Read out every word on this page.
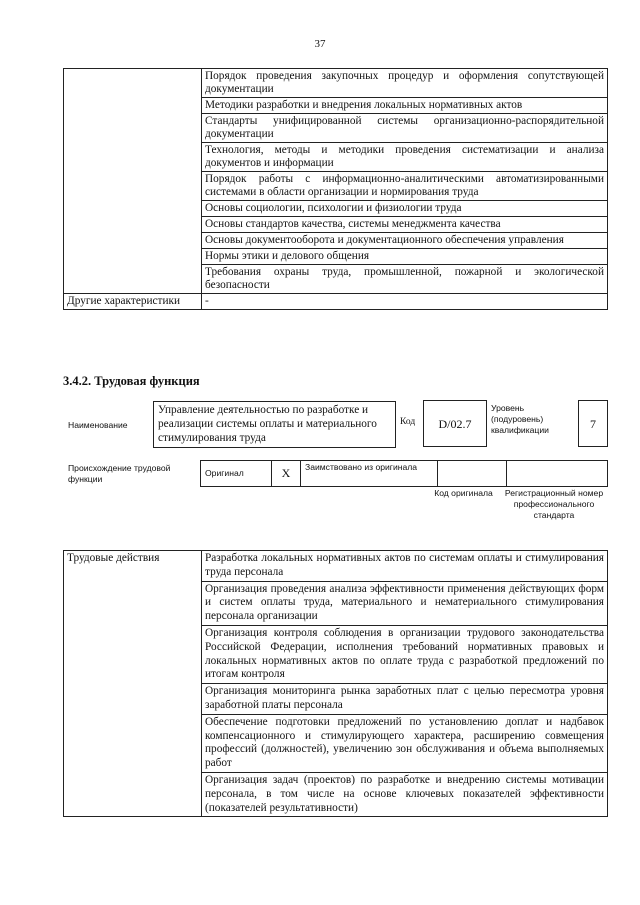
37
	Порядок проведения закупочных процедур и оформления сопутствующей документации
	Методики разработки и внедрения локальных нормативных актов
	Стандарты унифицированной системы организационно-распорядительной документации
	Технология, методы и методики проведения систематизации и анализа документов и информации
	Порядок работы с информационно-аналитическими автоматизированными системами в области организации и нормирования труда
	Основы социологии, психологии и физиологии труда
	Основы стандартов качества, системы менеджмента качества
	Основы документооборота и документационного обеспечения управления
	Нормы этики и делового общения
	Требования охраны труда, промышленной, пожарной и экологической безопасности
Другие характеристики	-
3.4.2. Трудовая функция
Наименование
Управление деятельностью по разработке и реализации системы оплаты и материального стимулирования труда
Код	D/02.7
Уровень (подуровень) квалификации	7
Происхождение трудовой функции
Оригинал	X	Заимствовано из оригинала		
Код оригинала	Регистрационный номер профессионального стандарта
Трудовые действия	Разработка локальных нормативных актов по системам оплаты и стимулирования труда персонала
Организация проведения анализа эффективности применения действующих форм и систем оплаты труда, материального и нематериального стимулирования персонала организации
Организация контроля соблюдения в организации трудового законодательства Российской Федерации, исполнения требований нормативных правовых и локальных нормативных актов по оплате труда с разработкой предложений по итогам контроля
Организация мониторинга рынка заработных плат с целью пересмотра уровня заработной платы персонала
Обеспечение подготовки предложений по установлению доплат и надбавок компенсационного и стимулирующего характера, расширению совмещения профессий (должностей), увеличению зон обслуживания и объема выполняемых работ
Организация задач (проектов) по разработке и внедрению системы мотивации персонала, в том числе на основе ключевых показателей эффективности (показателей результативности)
